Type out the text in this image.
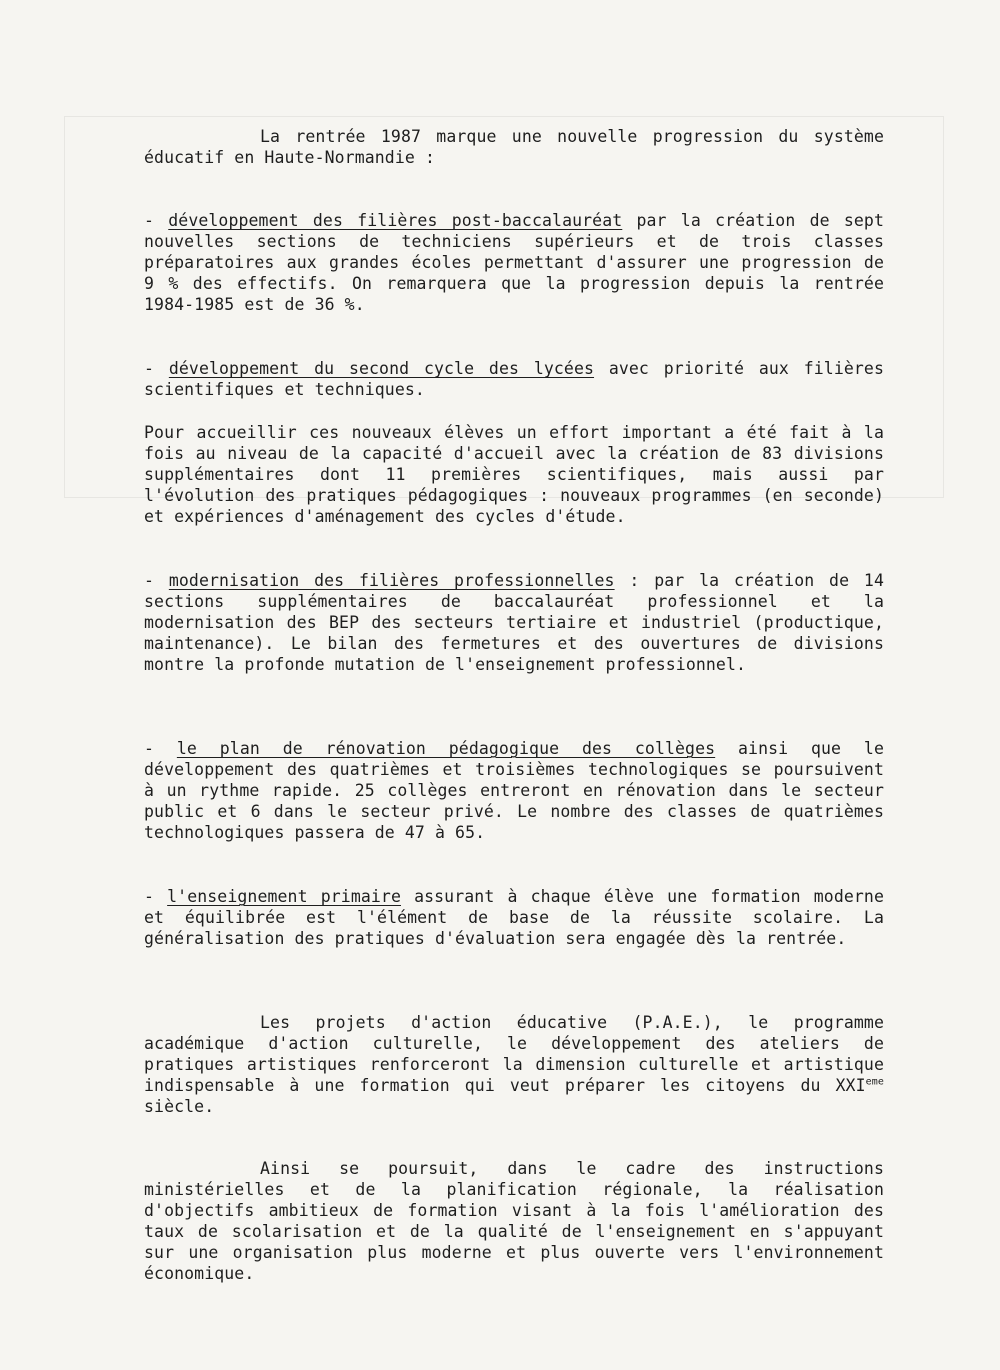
La rentrée 1987 marque une nouvelle progression du système éducatif en Haute-Normandie :

- développement des filières post-baccalauréat par la création de sept nouvelles sections de techniciens supérieurs et de trois classes préparatoires aux grandes écoles permettant d'assurer une progression de 9 % des effectifs. On remarquera que la progression depuis la rentrée 1984-1985 est de 36 %.

- développement du second cycle des lycées avec priorité aux filières scientifiques et techniques.

Pour accueillir ces nouveaux élèves un effort important a été fait à la fois au niveau de la capacité d'accueil avec la création de 83 divisions supplémentaires dont 11 premières scientifiques, mais aussi par l'évolution des pratiques pédagogiques : nouveaux programmes (en seconde) et expériences d'aménagement des cycles d'étude.

- modernisation des filières professionnelles : par la création de 14 sections supplémentaires de baccalauréat professionnel et la modernisation des BEP des secteurs tertiaire et industriel (productique, maintenance). Le bilan des fermetures et des ouvertures de divisions montre la profonde mutation de l'enseignement professionnel.

- le plan de rénovation pédagogique des collèges ainsi que le développement des quatrièmes et troisièmes technologiques se poursuivent à un rythme rapide. 25 collèges entreront en rénovation dans le secteur public et 6 dans le secteur privé. Le nombre des classes de quatrièmes technologiques passera de 47 à 65.

- l'enseignement primaire assurant à chaque élève une formation moderne et équilibrée est l'élément de base de la réussite scolaire. La généralisation des pratiques d'évaluation sera engagée dès la rentrée.

Les projets d'action éducative (P.A.E.), le programme académique d'action culturelle, le développement des ateliers de pratiques artistiques renforceront la dimension culturelle et artistique indispensable à une formation qui veut préparer les citoyens du XXIeme siècle.

Ainsi se poursuit, dans le cadre des instructions ministérielles et de la planification régionale, la réalisation d'objectifs ambitieux de formation visant à la fois l'amélioration des taux de scolarisation et de la qualité de l'enseignement en s'appuyant sur une organisation plus moderne et plus ouverte vers l'environnement économique.
